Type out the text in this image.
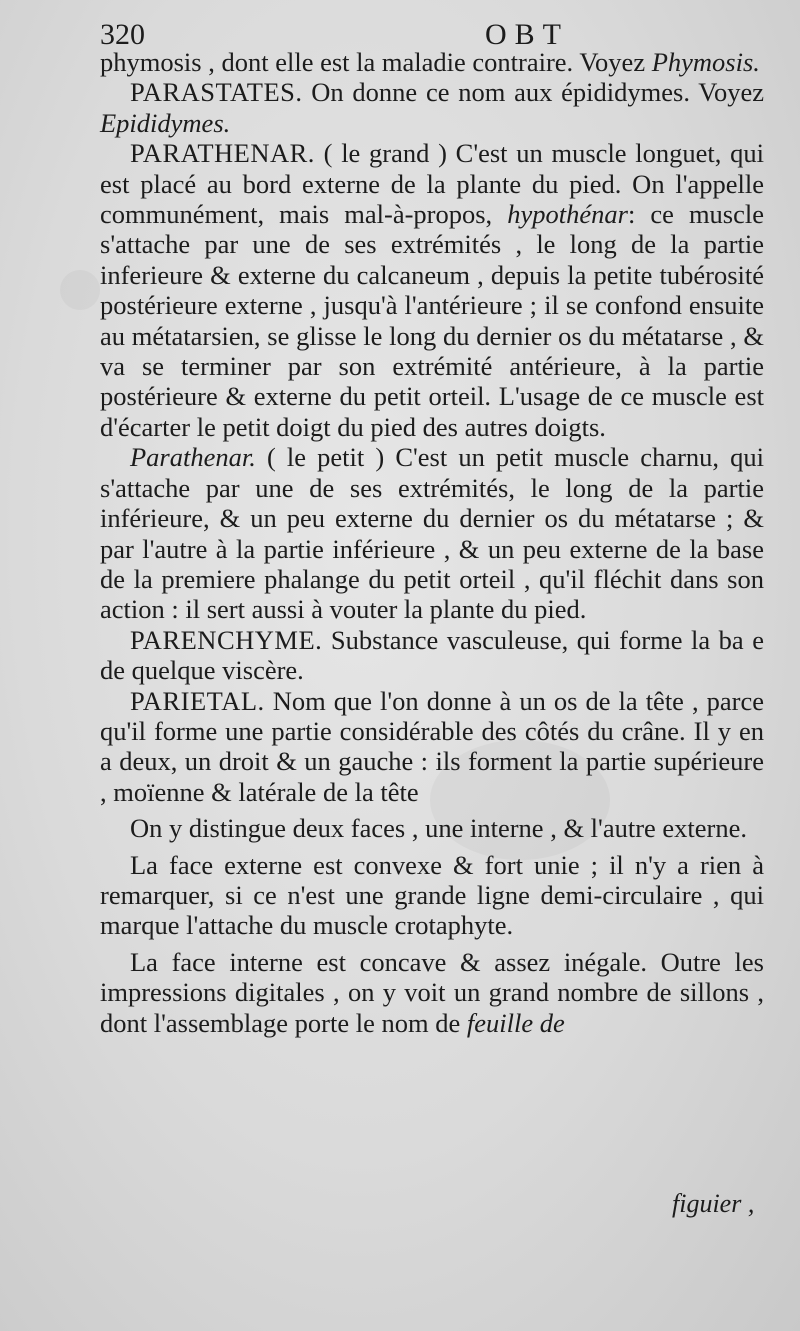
320	OBT

phymosis , dont elle est la maladie contraire. Voyez Phymosis.

PARASTATES. On donne ce nom aux épididymes. Voyez Epididymes.

PARATHENAR. ( le grand ) C'est un muscle longuet, qui est placé au bord externe de la plante du pied. On l'appelle communément, mais mal-à-propos, hypothénar: ce muscle s'attache par une de ses extrémités , le long de la partie inferieure & externe du calcaneum , depuis la petite tubérosité postérieure externe , jusqu'à l'antérieure ; il se confond ensuite au métatarsien, se glisse le long du dernier os du métatarse , & va se terminer par son extrémité antérieure, à la partie postérieure & externe du petit orteil. L'usage de ce muscle est d'écarter le petit doigt du pied des autres doigts.

Parathenar. ( le petit ) C'est un petit muscle charnu, qui s'attache par une de ses extrémités, le long de la partie inférieure, & un peu externe du dernier os du métatarse ; & par l'autre à la partie inférieure , & un peu externe de la base de la premiere phalange du petit orteil , qu'il fléchit dans son action : il sert aussi à vouter la plante du pied.

PARENCHYME. Substance vasculeuse, qui forme la ba e de quelque viscère.

PARIETAL. Nom que l'on donne à un os de la tête , parce qu'il forme une partie considérable des côtés du crâne. Il y en a deux, un droit & un gauche : ils forment la partie supérieure , moïenne & latérale de la tête

On y distingue deux faces , une interne , & l'autre externe.

La face externe est convexe & fort unie ; il n'y a rien à remarquer, si ce n'est une grande ligne demi-circulaire , qui marque l'attache du muscle crotaphyte.

La face interne est concave & assez inégale. Outre les impressions digitales , on y voit un grand nombre de sillons , dont l'assemblage porte le nom de feuille de

figuier ,
